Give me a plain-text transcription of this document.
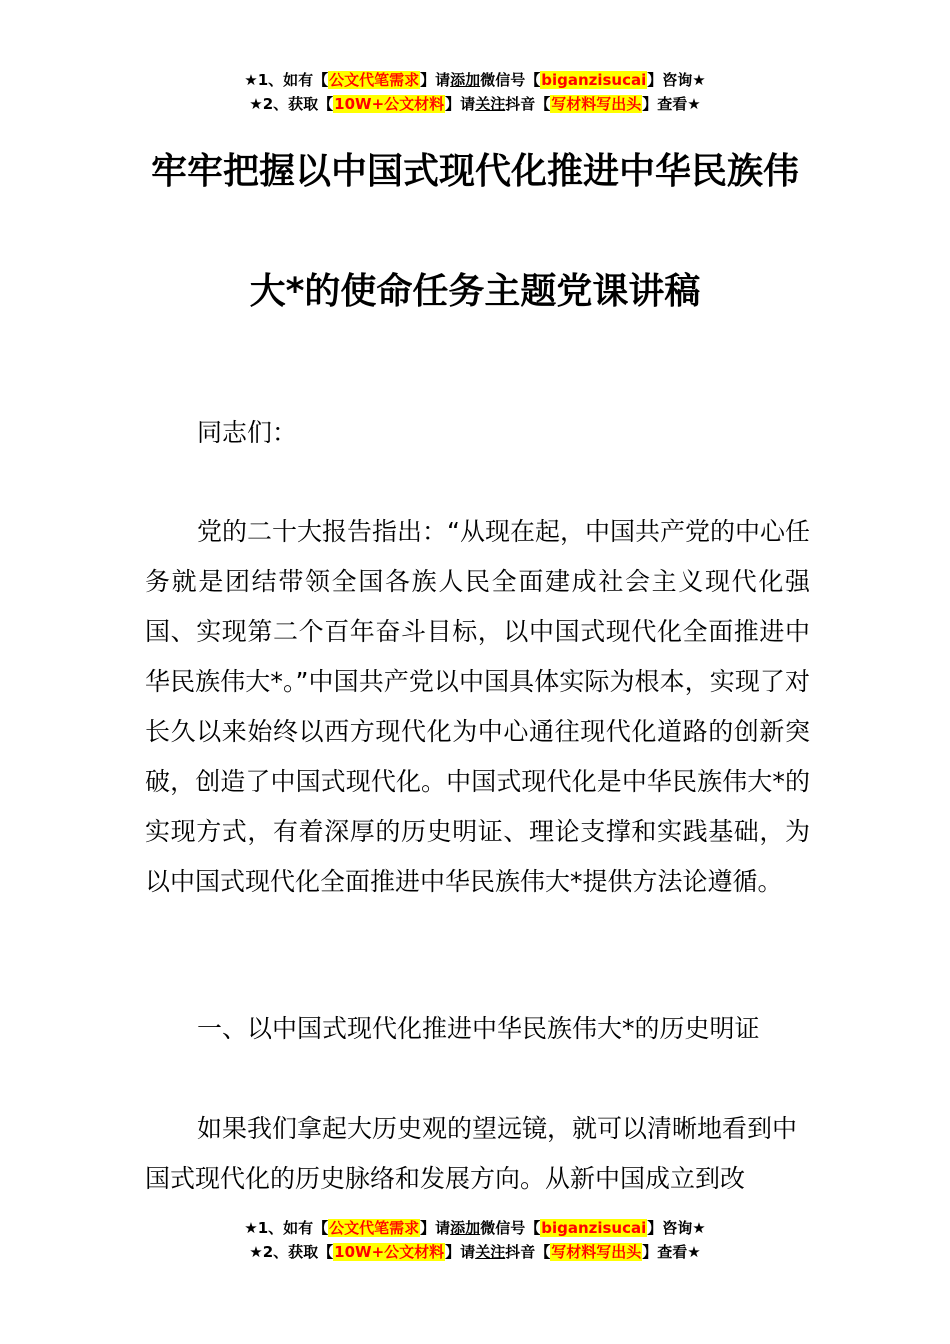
★1、如有【公文代笔需求】请添加微信号【biganzisucai】咨询★
★2、获取【10W+公文材料】请关注抖音【写材料写出头】查看★
牢牢把握以中国式现代化推进中华民族伟
大*的使命任务主题党课讲稿
同志们：
党的二十大报告指出：“从现在起，中国共产党的中心任务就是团结带领全国各族人民全面建成社会主义现代化强国、实现第二个百年奋斗目标，以中国式现代化全面推进中华民族伟大*。”中国共产党以中国具体实际为根本，实现了对长久以来始终以西方现代化为中心通往现代化道路的创新突破，创造了中国式现代化。中国式现代化是中华民族伟大*的实现方式，有着深厚的历史明证、理论支撑和实践基础，为以中国式现代化全面推进中华民族伟大*提供方法论遵循。
一、以中国式现代化推进中华民族伟大*的历史明证
如果我们拿起大历史观的望远镜，就可以清晰地看到中国式现代化的历史脉络和发展方向。从新中国成立到改
★1、如有【公文代笔需求】请添加微信号【biganzisucai】咨询★
★2、获取【10W+公文材料】请关注抖音【写材料写出头】查看★
